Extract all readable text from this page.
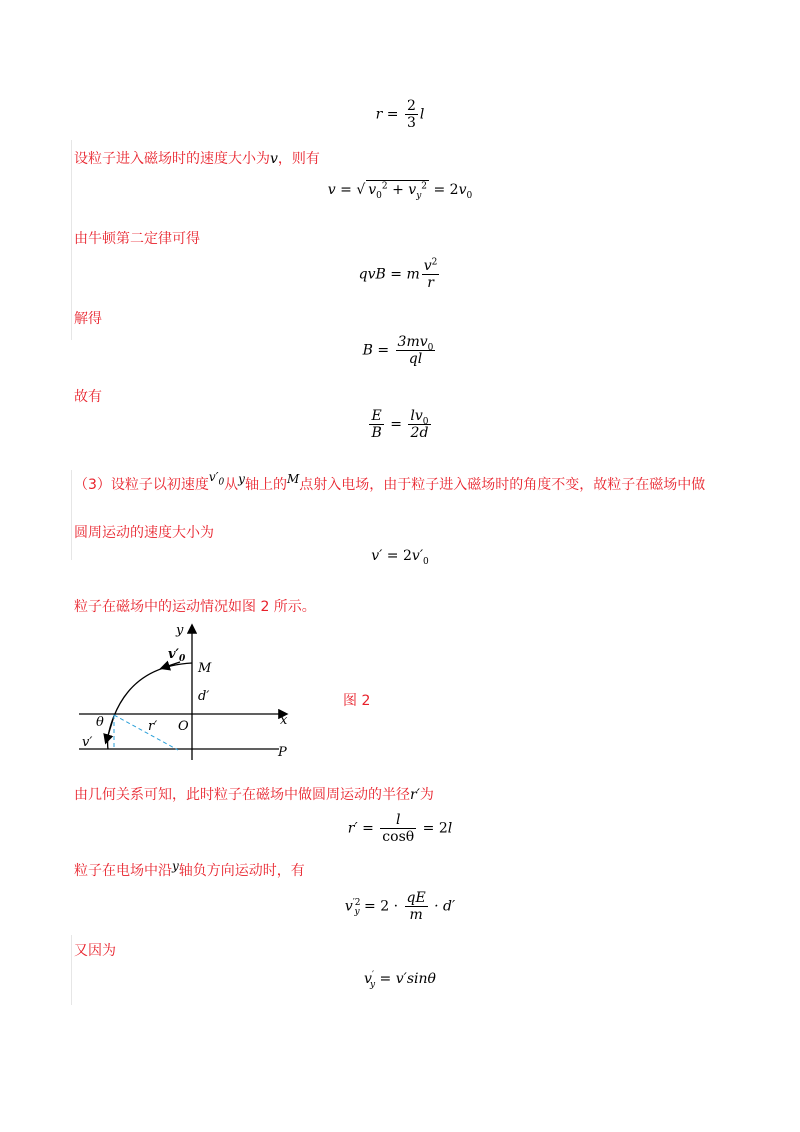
$r = \frac{2}{3}$ l
设粒子进入磁场时的速度大小为v，则有
v = √ $v_0^2 + v_y^2 = 2v_0$
由牛顿第二定律可得
qvB = m $\frac{v^2}{r}$
解得
$B = \frac{3mv_0}{ql}$
故有
$\frac{E}{B} = \frac{lv_0}{2d}$
（3）设粒子以初速度$v'_0$从y轴上的M点射入电场，由于粒子进入磁场时的角度不变，故粒子在磁场中做
圆周运动的速度大小为
$v' = 2v'_0$
粒子在磁场中的运动情况如图 2 所示。
y
x
O
M
P
d′
θ	r′
v′
$v'_0$
图 2
由几何关系可知，此时粒子在磁场中做圆周运动的半径r′为
$r' = \frac{l}{\cos\theta} = 2l$
粒子在电场中沿y轴负方向运动时，有
$v^{'2}_y = 2 \cdot \frac{qE}{m} \cdot d'$
又因为
$v'_y = v'\sin\theta$
